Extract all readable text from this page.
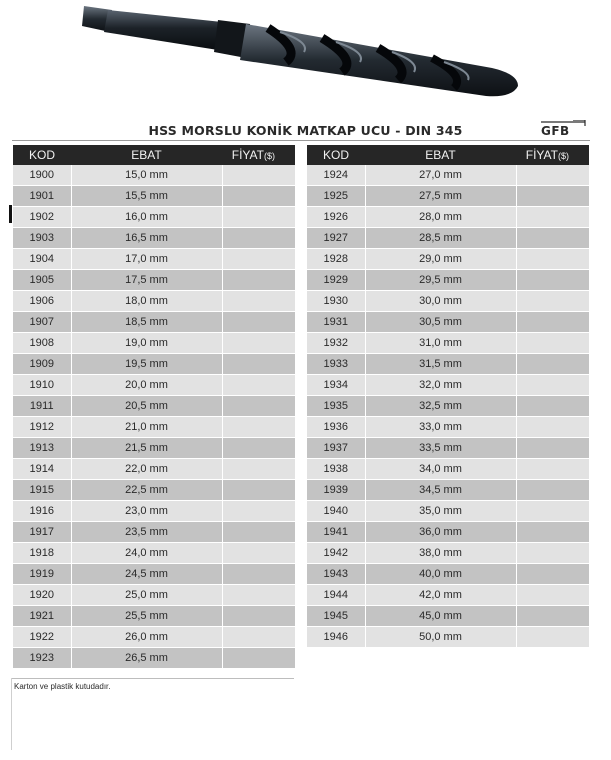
HSS MORSLU KONİK MATKAP UCU - DIN 345	GFB
KOD	EBAT	FİYAT($)
1900	15,0 mm	
1901	15,5 mm	
1902	16,0 mm	
1903	16,5 mm	
1904	17,0 mm	
1905	17,5 mm	
1906	18,0 mm	
1907	18,5 mm	
1908	19,0 mm	
1909	19,5 mm	
1910	20,0 mm	
1911	20,5 mm	
1912	21,0 mm	
1913	21,5 mm	
1914	22,0 mm	
1915	22,5 mm	
1916	23,0 mm	
1917	23,5 mm	
1918	24,0 mm	
1919	24,5 mm	
1920	25,0 mm	
1921	25,5 mm	
1922	26,0 mm	
1923	26,5 mm	
KOD	EBAT	FİYAT($)
1924	27,0 mm	
1925	27,5 mm	
1926	28,0 mm	
1927	28,5 mm	
1928	29,0 mm	
1929	29,5 mm	
1930	30,0 mm	
1931	30,5 mm	
1932	31,0 mm	
1933	31,5 mm	
1934	32,0 mm	
1935	32,5 mm	
1936	33,0 mm	
1937	33,5 mm	
1938	34,0 mm	
1939	34,5 mm	
1940	35,0 mm	
1941	36,0 mm	
1942	38,0 mm	
1943	40,0 mm	
1944	42,0 mm	
1945	45,0 mm	
1946	50,0 mm	
Karton ve plastik kutudadır.
